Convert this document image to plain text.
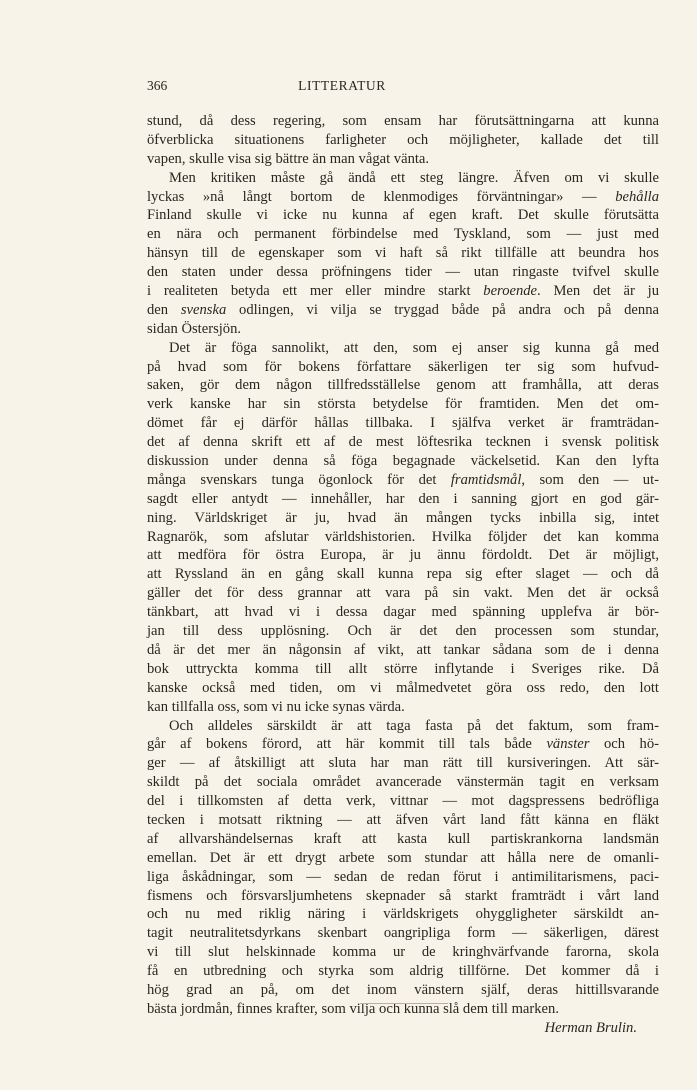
366	LITTERATUR
stund, då dess regering, som ensam har förutsättningarna att kunna
öfverblicka situationens farligheter och möjligheter, kallade det till
vapen, skulle visa sig bättre än man vågat vänta.
Men kritiken måste gå ändå ett steg längre. Äfven om vi skulle
lyckas »nå långt bortom de klenmodiges förväntningar» — behålla
Finland skulle vi icke nu kunna af egen kraft. Det skulle förutsätta
en nära och permanent förbindelse med Tyskland, som — just med
hänsyn till de egenskaper som vi haft så rikt tillfälle att beundra hos
den staten under dessa pröfningens tider — utan ringaste tvifvel skulle
i realiteten betyda ett mer eller mindre starkt beroende. Men det är ju
den svenska odlingen, vi vilja se tryggad både på andra och på denna
sidan Östersjön.
Det är föga sannolikt, att den, som ej anser sig kunna gå med
på hvad som för bokens författare säkerligen ter sig som hufvud-
saken, gör dem någon tillfredsställelse genom att framhålla, att deras
verk kanske har sin största betydelse för framtiden. Men det om-
dömet får ej därför hållas tillbaka. I själfva verket är framträdan-
det af denna skrift ett af de mest löftesrika tecknen i svensk politisk
diskussion under denna så föga begagnade väckelsetid. Kan den lyfta
många svenskars tunga ögonlock för det framtidsmål, som den — ut-
sagdt eller antydt — innehåller, har den i sanning gjort en god gär-
ning. Världskriget är ju, hvad än mången tycks inbilla sig, intet
Ragnarök, som afslutar världshistorien. Hvilka följder det kan komma
att medföra för östra Europa, är ju ännu fördoldt. Det är möjligt,
att Ryssland än en gång skall kunna repa sig efter slaget — och då
gäller det för dess grannar att vara på sin vakt. Men det är också
tänkbart, att hvad vi i dessa dagar med spänning upplefva är bör-
jan till dess upplösning. Och är det den processen som stundar,
då är det mer än någonsin af vikt, att tankar sådana som de i denna
bok uttryckta komma till allt större inflytande i Sveriges rike. Då
kanske också med tiden, om vi målmedvetet göra oss redo, den lott
kan tillfalla oss, som vi nu icke synas värda.
Och alldeles särskildt är att taga fasta på det faktum, som fram-
går af bokens förord, att här kommit till tals både vänster och hö-
ger — af åtskilligt att sluta har man rätt till kursiveringen. Att sär-
skildt på det sociala området avancerade vänstermän tagit en verksam
del i tillkomsten af detta verk, vittnar — mot dagspressens bedröfliga
tecken i motsatt riktning — att äfven vårt land fått känna en fläkt
af allvarshändelsernas kraft att kasta kull partiskrankorna landsmän
emellan. Det är ett drygt arbete som stundar att hålla nere de omanli-
liga åskådningar, som — sedan de redan förut i antimilitarismens, paci-
fismens och försvarsljumhetens skepnader så starkt framträdt i vårt land
och nu med riklig näring i världskrigets ohyggligheter särskildt an-
tagit neutralitetsdyrkans skenbart oangripliga form — säkerligen, därest
vi till slut helskinnade komma ur de kringhvärfvande farorna, skola
få en utbredning och styrka som aldrig tillförne. Det kommer då i
hög grad an på, om det inom vänstern själf, deras hittillsvarande
bästa jordmån, finnes krafter, som vilja och kunna slå dem till marken.
Herman Brulin.
